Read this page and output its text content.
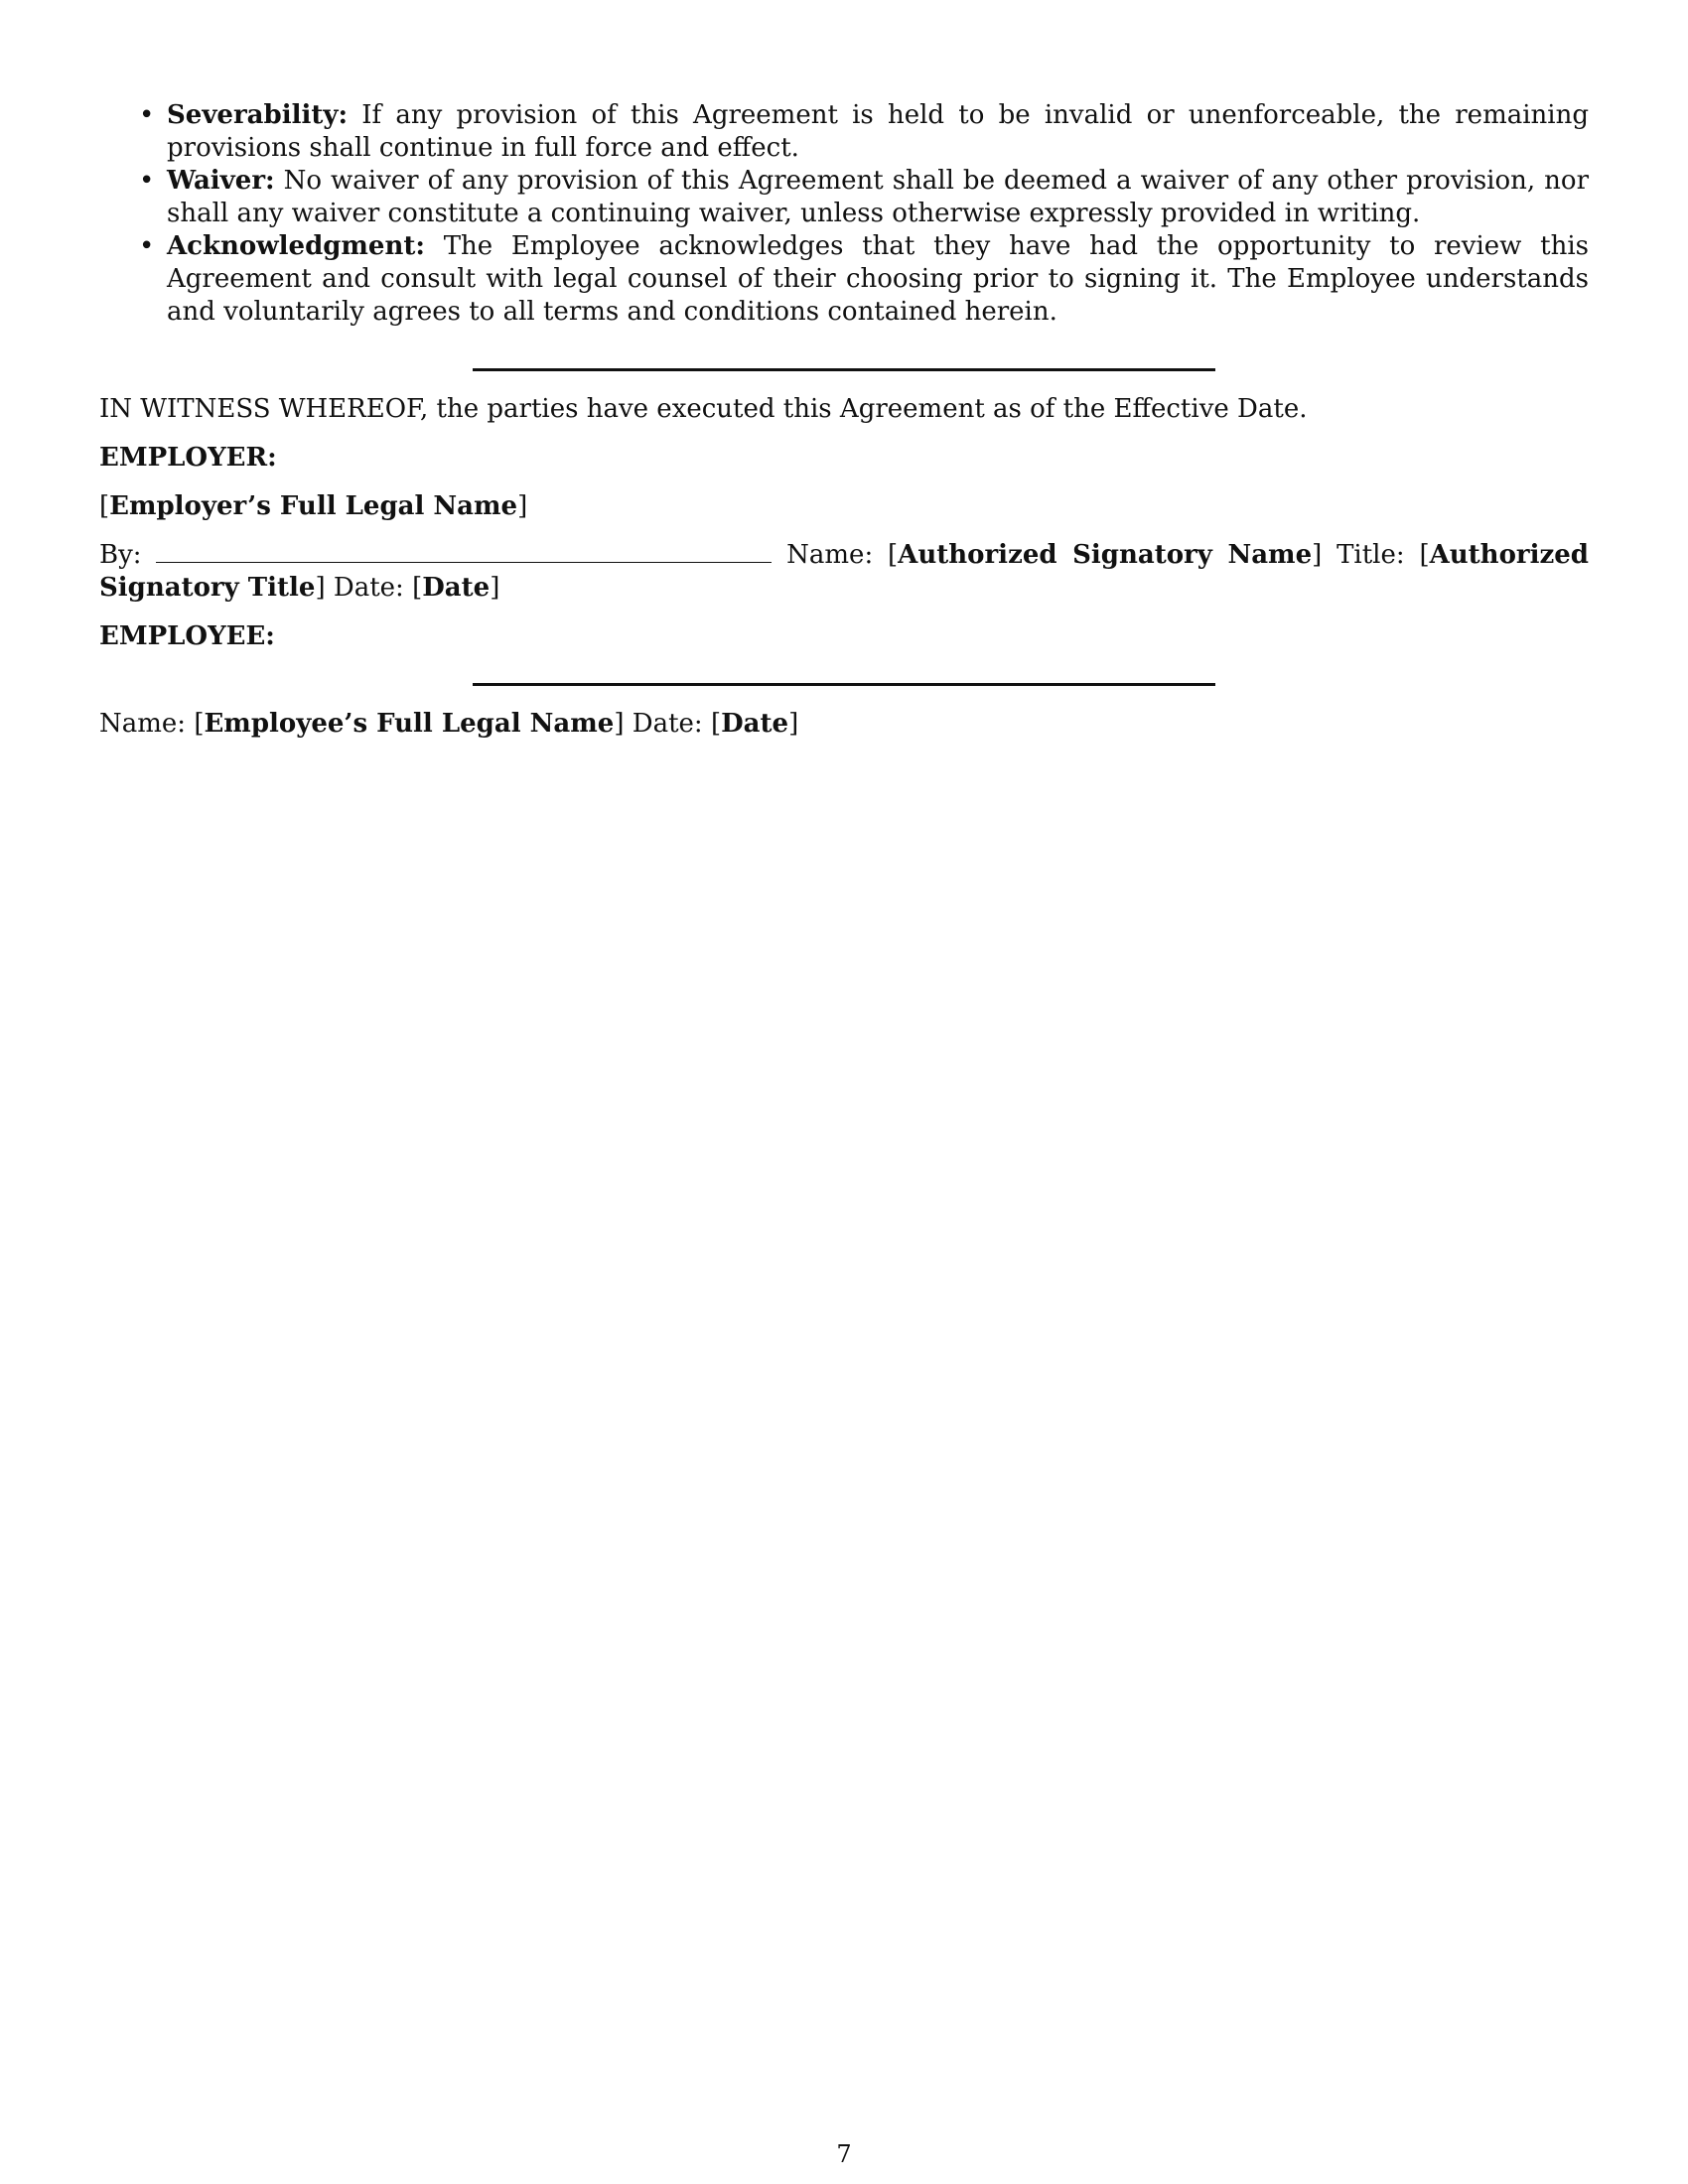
• Severability: If any provision of this Agreement is held to be invalid or unenforceable, the remaining provisions shall continue in full force and effect.
• Waiver: No waiver of any provision of this Agreement shall be deemed a waiver of any other provision, nor shall any waiver constitute a continuing waiver, unless otherwise expressly provided in writing.
• Acknowledgment: The Employee acknowledges that they have had the opportunity to review this Agreement and consult with legal counsel of their choosing prior to signing it. The Employee understands and voluntarily agrees to all terms and conditions contained herein.

IN WITNESS WHEREOF, the parties have executed this Agreement as of the Effective Date.

EMPLOYER:

[Employer’s Full Legal Name]

By:	Name: [Authorized Signatory Name] Title: [Authorized Signatory Title] Date: [Date]

EMPLOYEE:

Name: [Employee’s Full Legal Name] Date: [Date]

7
